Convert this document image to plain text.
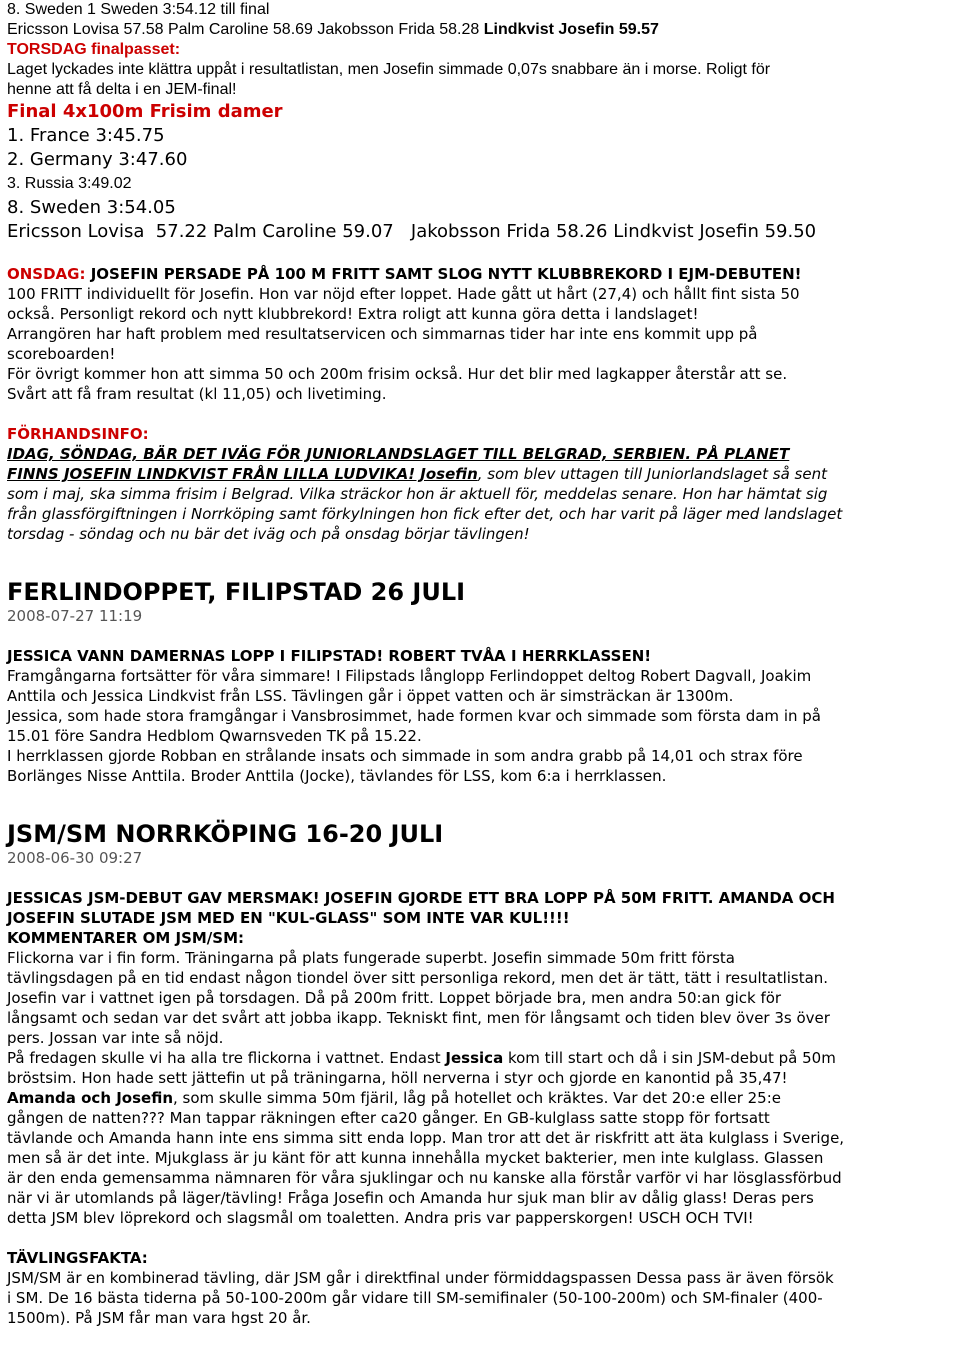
8. Sweden 1 Sweden 3:54.12 till final
Ericsson Lovisa 57.58 Palm Caroline 58.69 Jakobsson Frida 58.28 Lindkvist Josefin 59.57
TORSDAG finalpasset:
Laget lyckades inte klättra uppåt i resultatlistan, men Josefin simmade 0,07s snabbare än i morse. Roligt för
henne att få delta i en JEM-final!
Final 4x100m Frisim damer
1. France 3:45.75
2. Germany 3:47.60
3. Russia 3:49.02
8. Sweden 3:54.05
Ericsson Lovisa  57.22 Palm Caroline 59.07   Jakobsson Frida 58.26 Lindkvist Josefin 59.50
ONSDAG: JOSEFIN PERSADE PÅ 100 M FRITT SAMT SLOG NYTT KLUBBREKORD I EJM-DEBUTEN!
100 FRITT individuellt för Josefin. Hon var nöjd efter loppet. Hade gått ut hårt (27,4) och hållt fint sista 50
också. Personligt rekord och nytt klubbrekord! Extra roligt att kunna göra detta i landslaget!
Arrangören har haft problem med resultatservicen och simmarnas tider har inte ens kommit upp på
scoreboarden!
För övrigt kommer hon att simma 50 och 200m frisim också. Hur det blir med lagkapper återstår att se.
Svårt att få fram resultat (kl 11,05) och livetiming.
FÖRHANDSINFO:
IDAG, SÖNDAG, BÄR DET IVÄG FÖR JUNIORLANDSLAGET TILL BELGRAD, SERBIEN. PÅ PLANET
FINNS JOSEFIN LINDKVIST FRÅN LILLA LUDVIKA! Josefin, som blev uttagen till Juniorlandslaget så sent
som i maj, ska simma frisim i Belgrad. Vilka sträckor hon är aktuell för, meddelas senare. Hon har hämtat sig
från glassförgiftningen i Norrköping samt förkylningen hon fick efter det, och har varit på läger med landslaget
torsdag - söndag och nu bär det iväg och på onsdag börjar tävlingen!
FERLINDOPPET, FILIPSTAD 26 JULI
2008-07-27 11:19
JESSICA VANN DAMERNAS LOPP I FILIPSTAD! ROBERT TVÅA I HERRKLASSEN!
Framgångarna fortsätter för våra simmare! I Filipstads långlopp Ferlindoppet deltog Robert Dagvall, Joakim
Anttila och Jessica Lindkvist från LSS. Tävlingen går i öppet vatten och är simsträckan är 1300m.
Jessica, som hade stora framgångar i Vansbrosimmet, hade formen kvar och simmade som första dam in på
15.01 före Sandra Hedblom Qwarnsveden TK på 15.22.
I herrklassen gjorde Robban en strålande insats och simmade in som andra grabb på 14,01 och strax före
Borlänges Nisse Anttila. Broder Anttila (Jocke), tävlandes för LSS, kom 6:a i herrklassen.
JSM/SM NORRKÖPING 16-20 JULI
2008-06-30 09:27
JESSICAS JSM-DEBUT GAV MERSMAK! JOSEFIN GJORDE ETT BRA LOPP PÅ 50M FRITT. AMANDA OCH
JOSEFIN SLUTADE JSM MED EN "KUL-GLASS" SOM INTE VAR KUL!!!!
KOMMENTARER OM JSM/SM:
Flickorna var i fin form. Träningarna på plats fungerade superbt. Josefin simmade 50m fritt första
tävlingsdagen på en tid endast någon tiondel över sitt personliga rekord, men det är tätt, tätt i resultatlistan.
Josefin var i vattnet igen på torsdagen. Då på 200m fritt. Loppet började bra, men andra 50:an gick för
långsamt och sedan var det svårt att jobba ikapp. Tekniskt fint, men för långsamt och tiden blev över 3s över
pers. Jossan var inte så nöjd.
På fredagen skulle vi ha alla tre flickorna i vattnet. Endast Jessica kom till start och då i sin JSM-debut på 50m
bröstsim. Hon hade sett jättefin ut på träningarna, höll nerverna i styr och gjorde en kanontid på 35,47!
Amanda och Josefin, som skulle simma 50m fjäril, låg på hotellet och kräktes. Var det 20:e eller 25:e
gången de natten??? Man tappar räkningen efter ca20 gånger. En GB-kulglass satte stopp för fortsatt
tävlande och Amanda hann inte ens simma sitt enda lopp. Man tror att det är riskfritt att äta kulglass i Sverige,
men så är det inte. Mjukglass är ju känt för att kunna innehålla mycket bakterier, men inte kulglass. Glassen
är den enda gemensamma nämnaren för våra sjuklingar och nu kanske alla förstår varför vi har lösglassförbud
när vi är utomlands på läger/tävling! Fråga Josefin och Amanda hur sjuk man blir av dålig glass! Deras pers
detta JSM blev löprekord och slagsmål om toaletten. Andra pris var papperskorgen! USCH OCH TVI!
TÄVLINGSFAKTA:
JSM/SM är en kombinerad tävling, där JSM går i direktfinal under förmiddagspassen Dessa pass är även försök
i SM. De 16 bästa tiderna på 50-100-200m går vidare till SM-semifinaler (50-100-200m) och SM-finaler (400-
1500m). På JSM får man vara hgst 20 år.
